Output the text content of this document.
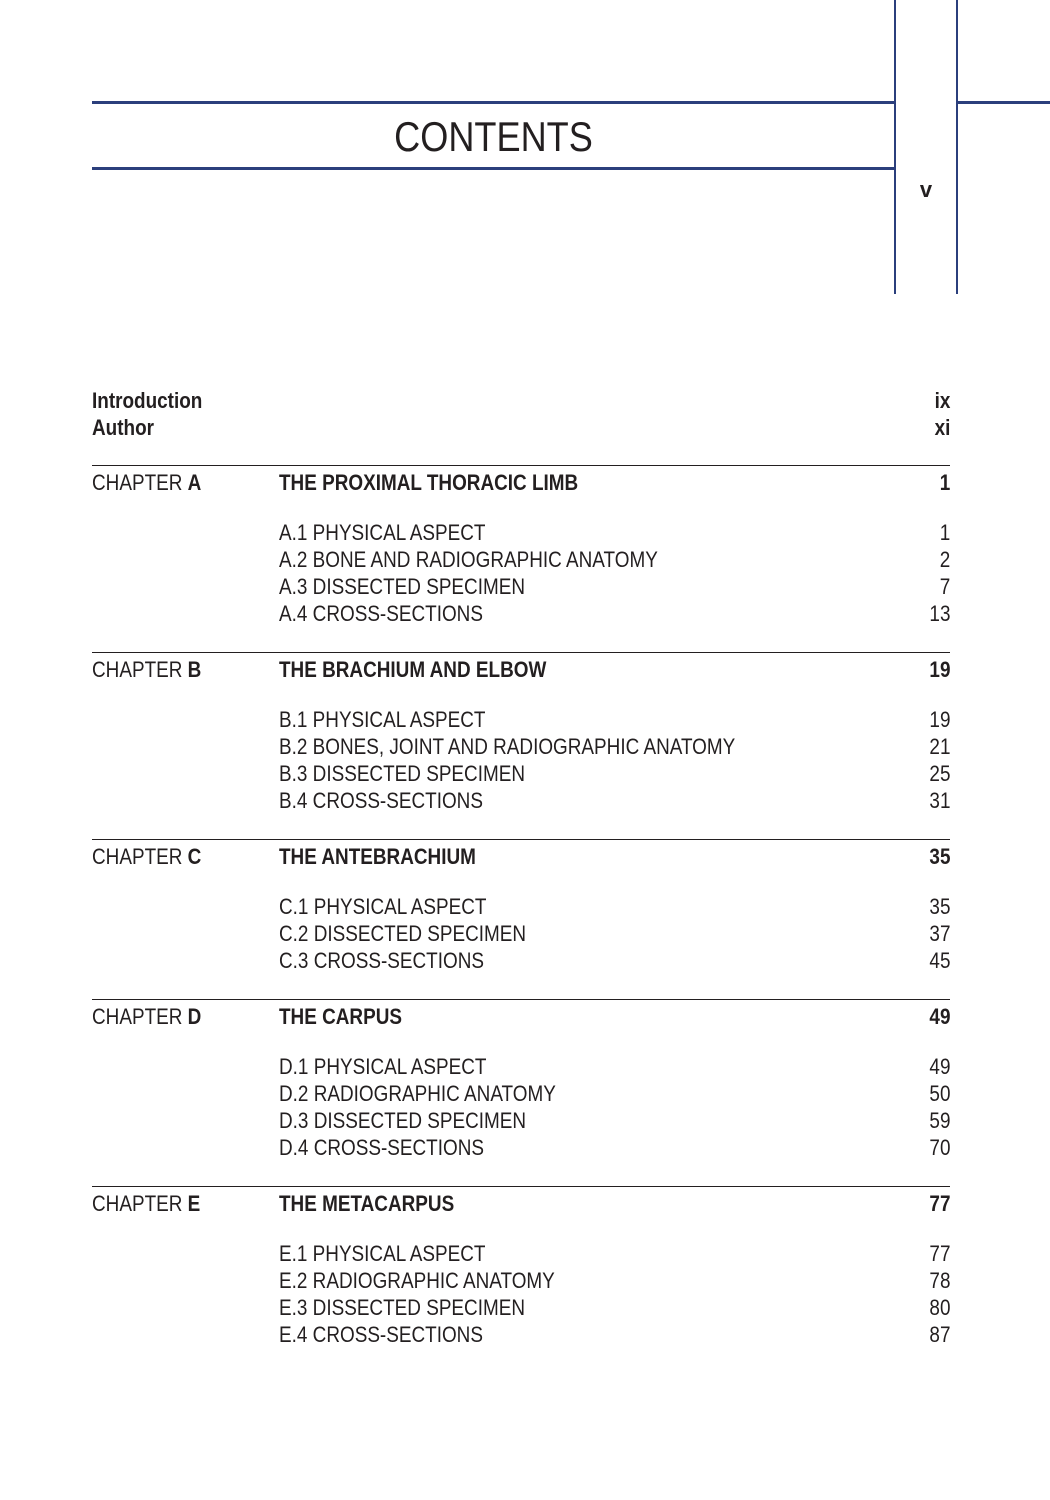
CONTENTS
v
Introduction	ix
Author	xi
CHAPTER A	THE PROXIMAL THORACIC LIMB	1
A.1 PHYSICAL ASPECT	1
A.2 BONE AND RADIOGRAPHIC ANATOMY	2
A.3 DISSECTED SPECIMEN	7
A.4 CROSS-SECTIONS	13
CHAPTER B	THE BRACHIUM AND ELBOW	19
B.1 PHYSICAL ASPECT	19
B.2 BONES, JOINT AND RADIOGRAPHIC ANATOMY	21
B.3 DISSECTED SPECIMEN	25
B.4 CROSS-SECTIONS	31
CHAPTER C	THE ANTEBRACHIUM	35
C.1 PHYSICAL ASPECT	35
C.2 DISSECTED SPECIMEN	37
C.3 CROSS-SECTIONS	45
CHAPTER D	THE CARPUS	49
D.1 PHYSICAL ASPECT	49
D.2 RADIOGRAPHIC ANATOMY	50
D.3 DISSECTED SPECIMEN	59
D.4 CROSS-SECTIONS	70
CHAPTER E	THE METACARPUS	77
E.1 PHYSICAL ASPECT	77
E.2 RADIOGRAPHIC ANATOMY	78
E.3 DISSECTED SPECIMEN	80
E.4 CROSS-SECTIONS	87
